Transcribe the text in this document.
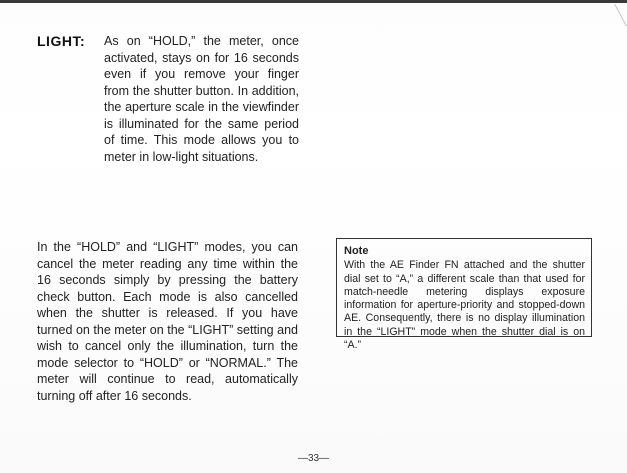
LIGHT: As on “HOLD,” the meter, once activated, stays on for 16 seconds even if you remove your finger from the shutter button. In addition, the aperture scale in the viewfinder is illuminated for the same period of time. This mode allows you to meter in low-light situations.

In the “HOLD” and “LIGHT” modes, you can cancel the meter reading any time within the 16 seconds simply by pressing the battery check button. Each mode is also cancelled when the shutter is released. If you have turned on the meter on the “LIGHT” setting and wish to cancel only the illumination, turn the mode selector to “HOLD” or “NORMAL.” The meter will continue to read, automatically turning off after 16 seconds.

Note

With the AE Finder FN attached and the shutter dial set to “A,” a different scale than that used for match-needle metering displays exposure information for aperture-priority and stopped-down AE. Consequently, there is no display illumination in the “LIGHT” mode when the shutter dial is on “A.”

—33—
